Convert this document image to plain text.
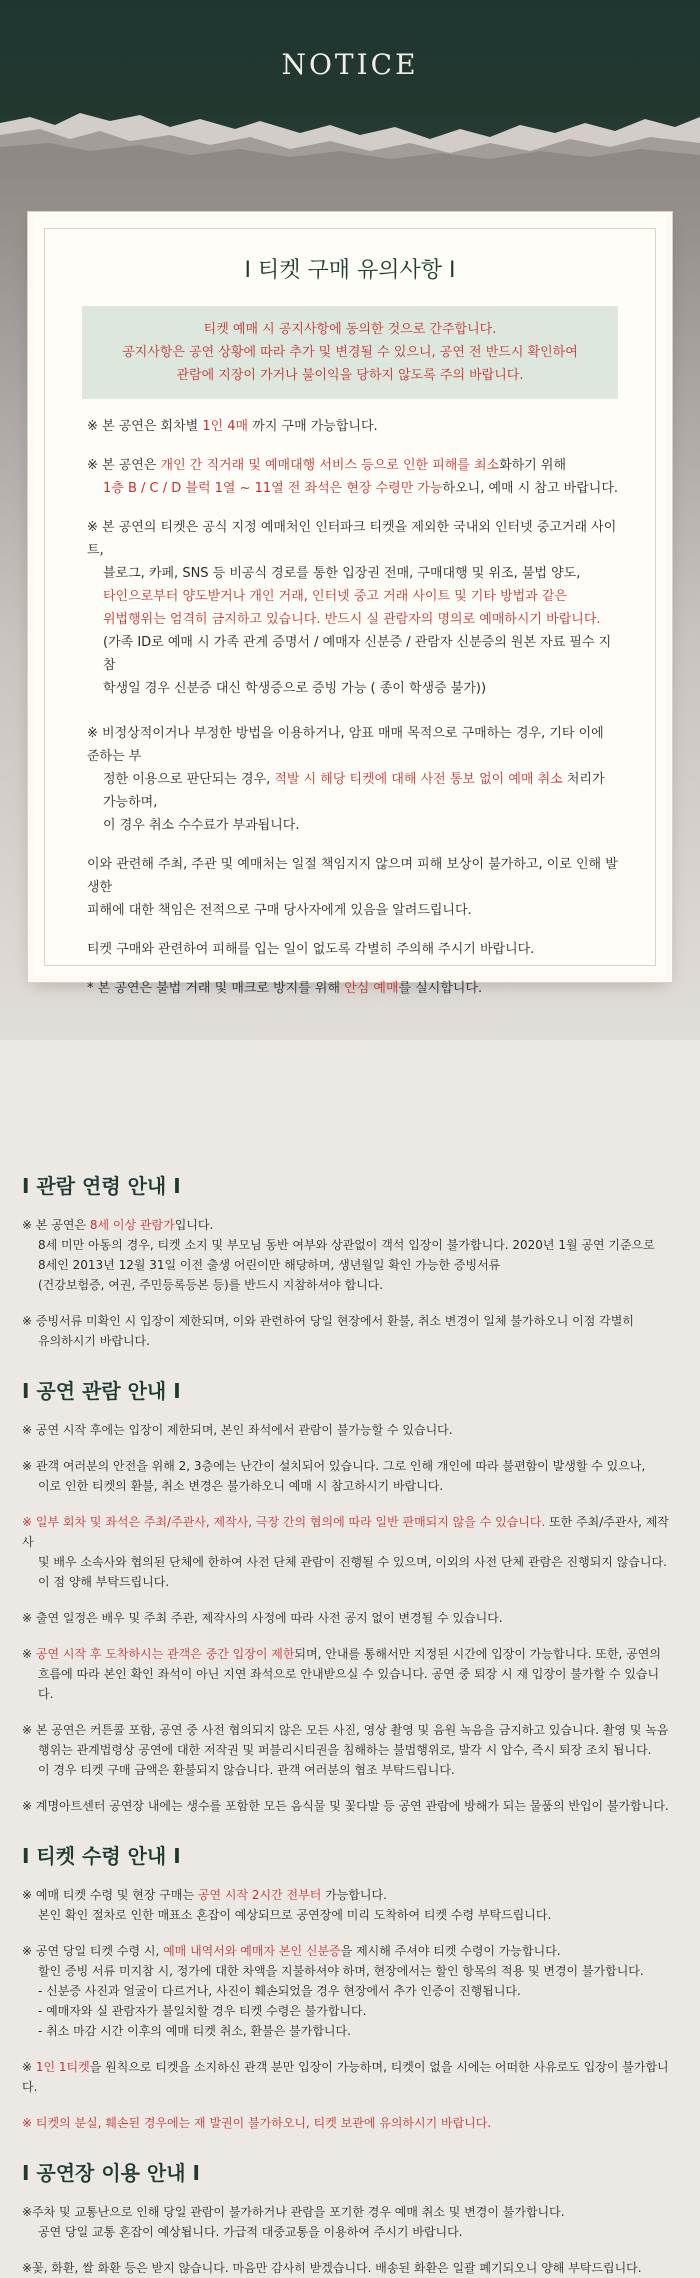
NOTICE
I 티켓 구매 유의사항 I
티켓 예매 시 공지사항에 동의한 것으로 간주합니다.
공지사항은 공연 상황에 따라 추가 및 변경될 수 있으니, 공연 전 반드시 확인하여
관람에 지장이 가거나 불이익을 당하지 않도록 주의 바랍니다.

※ 본 공연은 회차별 1인 4매 까지 구매 가능합니다.

※ 본 공연은 개인 간 직거래 및 예매대행 서비스 등으로 인한 피해를 최소화하기 위해
1층 B / C / D 블럭 1열 ~ 11열 전 좌석은 현장 수령만 가능하오니, 예매 시 참고 바랍니다.

※ 본 공연의 티켓은 공식 지정 예매처인 인터파크 티켓을 제외한 국내외 인터넷 중고거래 사이트,
블로그, 카페, SNS 등 비공식 경로를 통한 입장권 전매, 구매대행 및 위조, 불법 양도,
타인으로부터 양도받거나 개인 거래, 인터넷 중고 거래 사이트 및 기타 방법과 같은
위법행위는 엄격히 금지하고 있습니다. 반드시 실 관람자의 명의로 예매하시기 바랍니다.
(가족 ID로 예매 시 가족 관계 증명서 / 예매자 신분증 / 관람자 신분증의 원본 자료 필수 지참
학생일 경우 신분증 대신 학생증으로 증빙 가능 ( 종이 학생증 불가))

※ 비정상적이거나 부정한 방법을 이용하거나, 암표 매매 목적으로 구매하는 경우, 기타 이에 준하는 부
정한 이용으로 판단되는 경우, 적발 시 해당 티켓에 대해 사전 통보 없이 예매 취소 처리가 가능하며,
이 경우 취소 수수료가 부과됩니다.

이와 관련해 주최, 주관 및 예매처는 일절 책임지지 않으며 피해 보상이 불가하고, 이로 인해 발생한
피해에 대한 책임은 전적으로 구매 당사자에게 있음을 알려드립니다.

티켓 구매와 관련하여 피해를 입는 일이 없도록 각별히 주의해 주시기 바랍니다.

* 본 공연은 불법 거래 및 매크로 방지를 위해 안심 예매를 실시합니다.

I 관람 연령 안내 I

※ 본 공연은 8세 이상 관람가입니다.
8세 미만 아동의 경우, 티켓 소지 및 부모님 동반 여부와 상관없이 객석 입장이 불가합니다. 2020년 1월 공연 기준으로
8세인 2013년 12월 31일 이전 출생 어린이만 해당하며, 생년월일 확인 가능한 증빙서류
(건강보험증, 여권, 주민등록등본 등)를 반드시 지참하셔야 합니다.

※ 증빙서류 미확인 시 입장이 제한되며, 이와 관련하여 당일 현장에서 환불, 취소 변경이 일체 불가하오니 이점 각별히
유의하시기 바랍니다.

I 공연 관람 안내 I

※ 공연 시작 후에는 입장이 제한되며, 본인 좌석에서 관람이 불가능할 수 있습니다.

※ 관객 여러분의 안전을 위해 2, 3층에는 난간이 설치되어 있습니다. 그로 인해 개인에 따라 불편함이 발생할 수 있으나,
이로 인한 티켓의 환불, 취소 변경은 불가하오니 예매 시 참고하시기 바랍니다.

※ 일부 회차 및 좌석은 주최/주관사, 제작사, 극장 간의 협의에 따라 일반 판매되지 않을 수 있습니다. 또한 주최/주관사, 제작사
및 배우 소속사와 협의된 단체에 한하여 사전 단체 관람이 진행될 수 있으며, 이외의 사전 단체 관람은 진행되지 않습니다.
이 점 양해 부탁드립니다.

※ 출연 일정은 배우 및 주최 주관, 제작사의 사정에 따라 사전 공지 없이 변경될 수 있습니다.

※ 공연 시작 후 도착하시는 관객은 중간 입장이 제한되며, 안내를 통해서만 지정된 시간에 입장이 가능합니다. 또한, 공연의
흐름에 따라 본인 확인 좌석이 아닌 지연 좌석으로 안내받으실 수 있습니다. 공연 중 퇴장 시 재 입장이 불가할 수 있습니다.

※ 본 공연은 커튼콜 포함, 공연 중 사전 협의되지 않은 모든 사진, 영상 촬영 및 음원 녹음을 금지하고 있습니다. 촬영 및 녹음
행위는 관계법령상 공연에 대한 저작권 및 퍼블리시티권을 침해하는 불법행위로, 발각 시 압수, 즉시 퇴장 조치 됩니다.
이 경우 티켓 구매 금액은 환불되지 않습니다. 관객 여러분의 협조 부탁드립니다.

※ 계명아트센터 공연장 내에는 생수를 포함한 모든 음식물 및 꽃다발 등 공연 관람에 방해가 되는 물품의 반입이 불가합니다.

I 티켓 수령 안내 I

※ 예매 티켓 수령 및 현장 구매는 공연 시작 2시간 전부터 가능합니다.
본인 확인 절차로 인한 매표소 혼잡이 예상되므로 공연장에 미리 도착하여 티켓 수령 부탁드립니다.

※ 공연 당일 티켓 수령 시, 예매 내역서와 예매자 본인 신분증을 제시해 주셔야 티켓 수령이 가능합니다.
할인 증빙 서류 미지참 시, 정가에 대한 차액을 지불하셔야 하며, 현장에서는 할인 항목의 적용 및 변경이 불가합니다.
- 신분증 사진과 얼굴이 다르거나, 사진이 훼손되었을 경우 현장에서 추가 인증이 진행됩니다.
- 예매자와 실 관람자가 불일치할 경우 티켓 수령은 불가합니다.
- 취소 마감 시간 이후의 예매 티켓 취소, 환불은 불가합니다.

※ 1인 1티켓을 원칙으로 티켓을 소지하신 관객 분만 입장이 가능하며, 티켓이 없을 시에는 어떠한 사유로도 입장이 불가합니다.

※ 티켓의 분실, 훼손된 경우에는 재 발권이 불가하오니, 티켓 보관에 유의하시기 바랍니다.

I 공연장 이용 안내 I

※주차 및 교통난으로 인해 당일 관람이 불가하거나 관람을 포기한 경우 예매 취소 및 변경이 불가합니다.
공연 당일 교통 혼잡이 예상됩니다. 가급적 대중교통을 이용하여 주시기 바랍니다.

※꽃, 화환, 쌀 화환 등은 받지 않습니다. 마음만 감사히 받겠습니다. 배송된 화환은 일괄 폐기되오니 양해 부탁드립니다.
